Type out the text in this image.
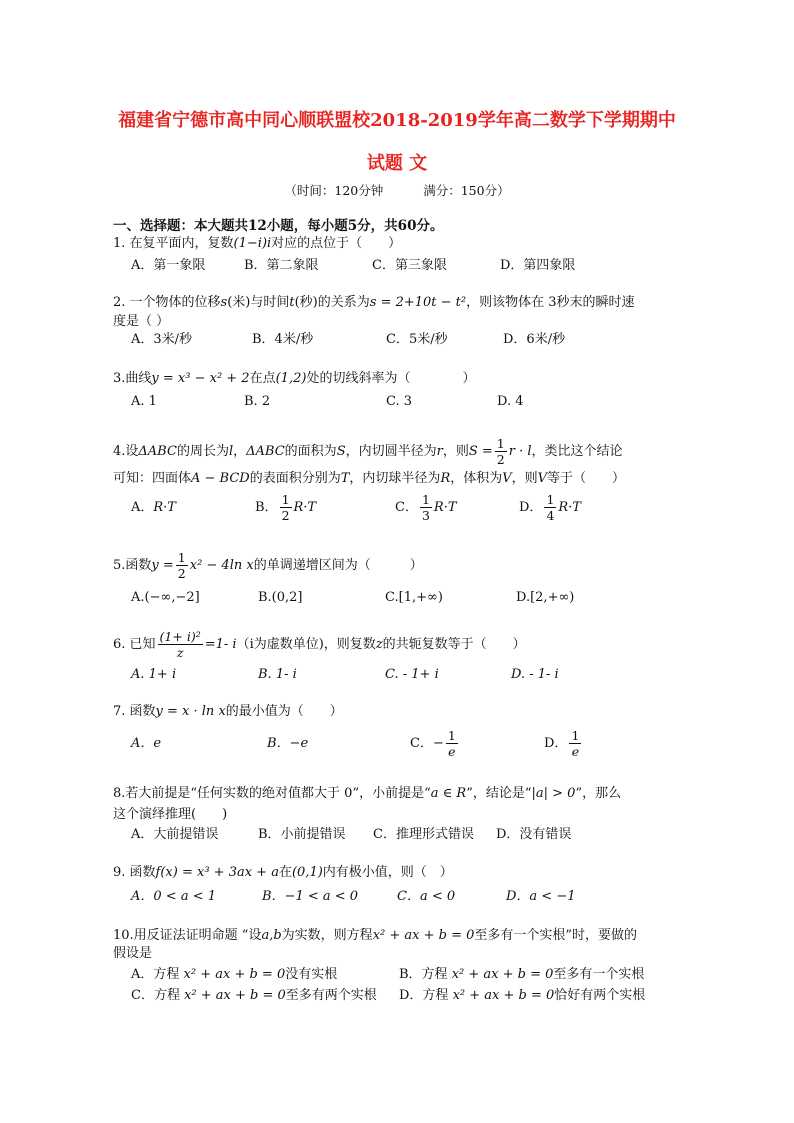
福建省宁德市高中同心顺联盟校2018-2019学年高二数学下学期期中
试题 文
（时间：120分钟	满分：150分）
一、选择题：本大题共12小题，每小题5分，共60分。
1. 在复平面内，复数(1−i)i对应的点位于（　　）
A．第一象限	B．第二象限	C．第三象限	D．第四象限
2. 一个物体的位移s(米)与时间t(秒)的关系为s = 2+10t − t²，则该物体在 3秒末的瞬时速
度是（ ）
A．3米/秒	B．4米/秒	C．5米/秒	D．6米/秒
3.曲线y = x³ − x² + 2在点(1,2)处的切线斜率为（　　　　）
A. 1	B. 2	C. 3	D. 4
4.设ΔABC的周长为l，ΔABC的面积为S，内切圆半径为r，则$S = \frac{1}{2}$ r · l，类比这个结论
可知：四面体A − BCD的表面积分别为T，内切球半径为R，体积为V，则V等于（　　）
A．R·T	B． $\frac{1}{2} R\cdot T$	C． $\frac{1}{3} R\cdot T$	D． $\frac{1}{4} R\cdot T$
5.函数$y = \frac{1}{2} x^2 - 4\ln$ x的单调递增区间为（　　　）
A.(−∞,−2]	B.(0,2]	C.[1,+∞)	D.[2,+∞)
6. 已知 $\frac{\text{(1+ i)²}}{z} =1-$ i（i为虚数单位)，则复数z的共轭复数等于（　　）
A. 1+ i	B. 1- i	C. - 1+ i	D. - 1- i
7. 函数y = x · ln x的最小值为（　　）
A．e	B．−e	C．− $\frac{1}{e}$	D． $\frac{1}{e}$
8.若大前提是“任何实数的绝对值都大于 0”，小前提是“a ∈ R”，结论是“|a| > 0”，那么
这个演绎推理(　　)
A．大前提错误	B．小前提错误 C．推理形式错误 D．没有错误
9. 函数f(x) = x³ + 3ax + a在(0,1)内有极小值，则（　）
A．0 < a < 1	B．−1 < a < 0	C．a < 0	D．a < −1
10.用反证法证明命题 “设a,b为实数，则方程x² + ax + b = 0至多有一个实根”时，要做的
假设是
A．方程 x² + ax + b = 0没有实根	B．方程 x² + ax + b = 0至多有一个实根
C．方程 x² + ax + b = 0至多有两个实根 D．方程 x² + ax + b = 0恰好有两个实根
